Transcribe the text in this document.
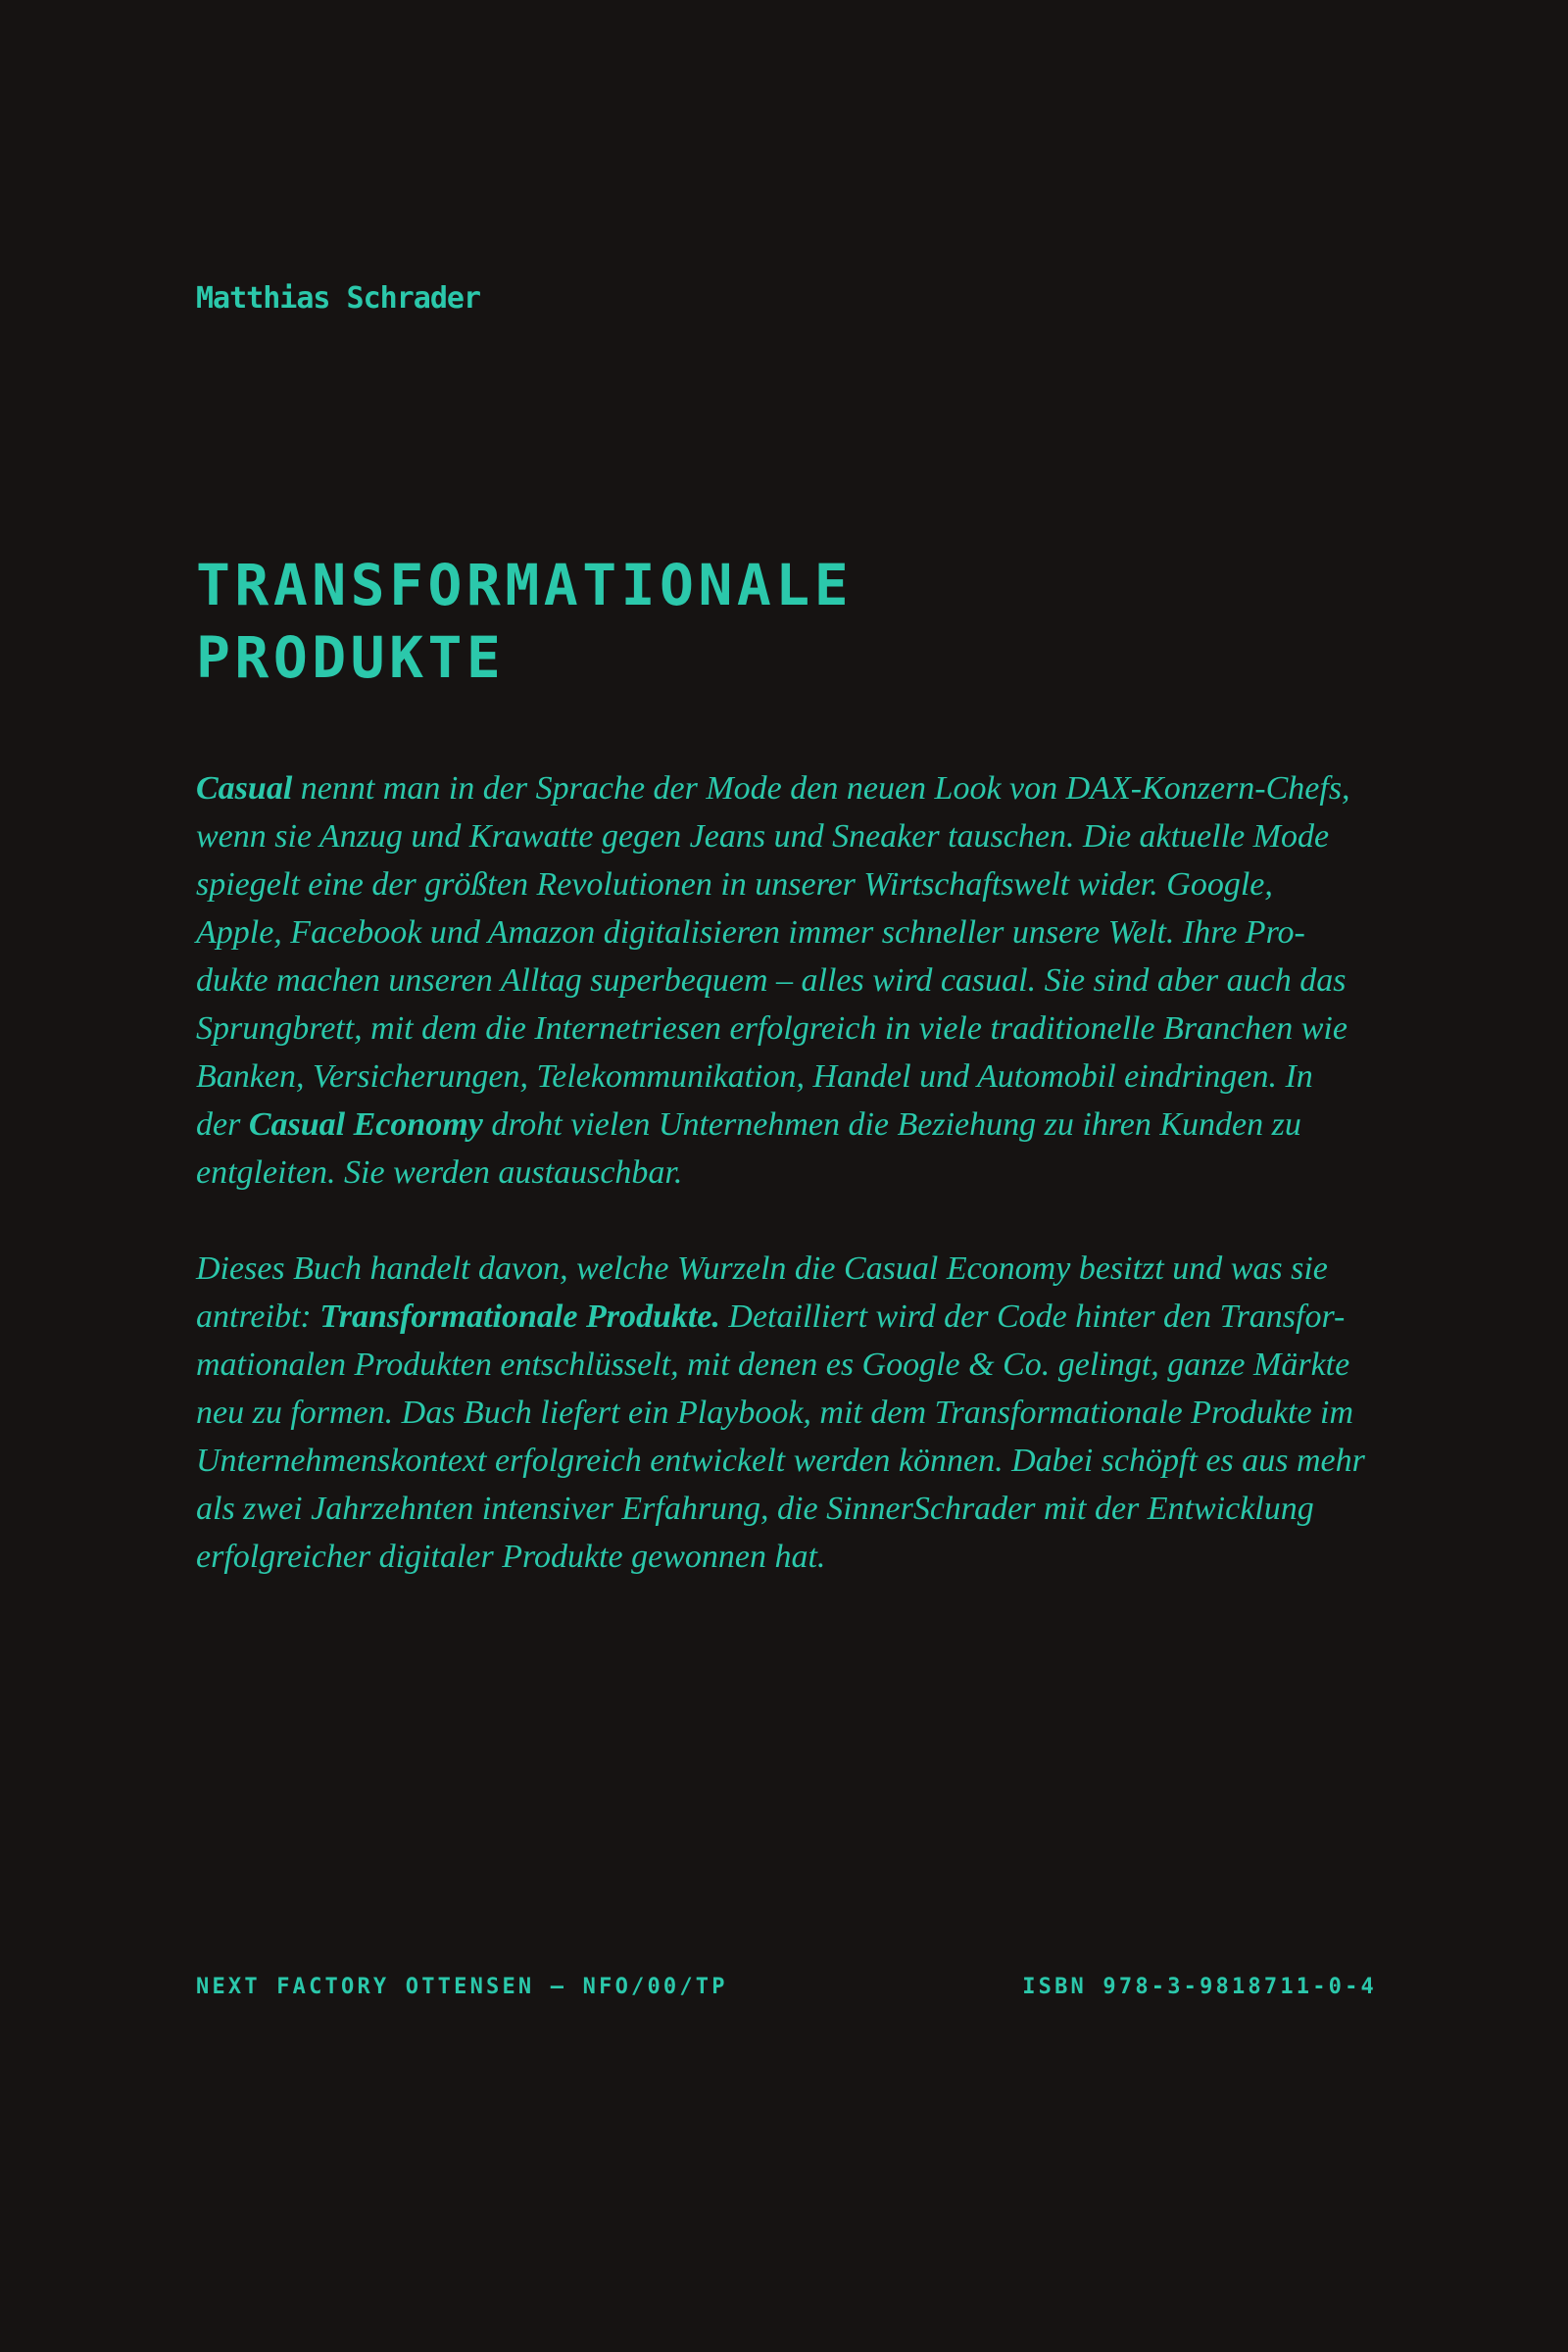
Matthias Schrader
TRANSFORMATIONALE
PRODUKTE
Casual nennt man in der Sprache der Mode den neuen Look von DAX-Konzern-Chefs,
wenn sie Anzug und Krawatte gegen Jeans und Sneaker tauschen. Die aktuelle Mode
spiegelt eine der größten Revolutionen in unserer Wirtschaftswelt wider. Google,
Apple, Facebook und Amazon digitalisieren immer schneller unsere Welt. Ihre Pro-
dukte machen unseren Alltag superbequem – alles wird casual. Sie sind aber auch das
Sprungbrett, mit dem die Internetriesen erfolgreich in viele traditionelle Branchen wie
Banken, Versicherungen, Telekommunikation, Handel und Automobil eindringen. In
der Casual Economy droht vielen Unternehmen die Beziehung zu ihren Kunden zu
entgleiten. Sie werden austauschbar.
Dieses Buch handelt davon, welche Wurzeln die Casual Economy besitzt und was sie
antreibt: Transformationale Produkte. Detailliert wird der Code hinter den Transfor-
mationalen Produkten entschlüsselt, mit denen es Google & Co. gelingt, ganze Märkte
neu zu formen. Das Buch liefert ein Playbook, mit dem Transformationale Produkte im
Unternehmenskontext erfolgreich entwickelt werden können. Dabei schöpft es aus mehr
als zwei Jahrzehnten intensiver Erfahrung, die SinnerSchrader mit der Entwicklung
erfolgreicher digitaler Produkte gewonnen hat.
NEXT FACTORY OTTENSEN — NFO/00/TP	ISBN 978-3-9818711-0-4
